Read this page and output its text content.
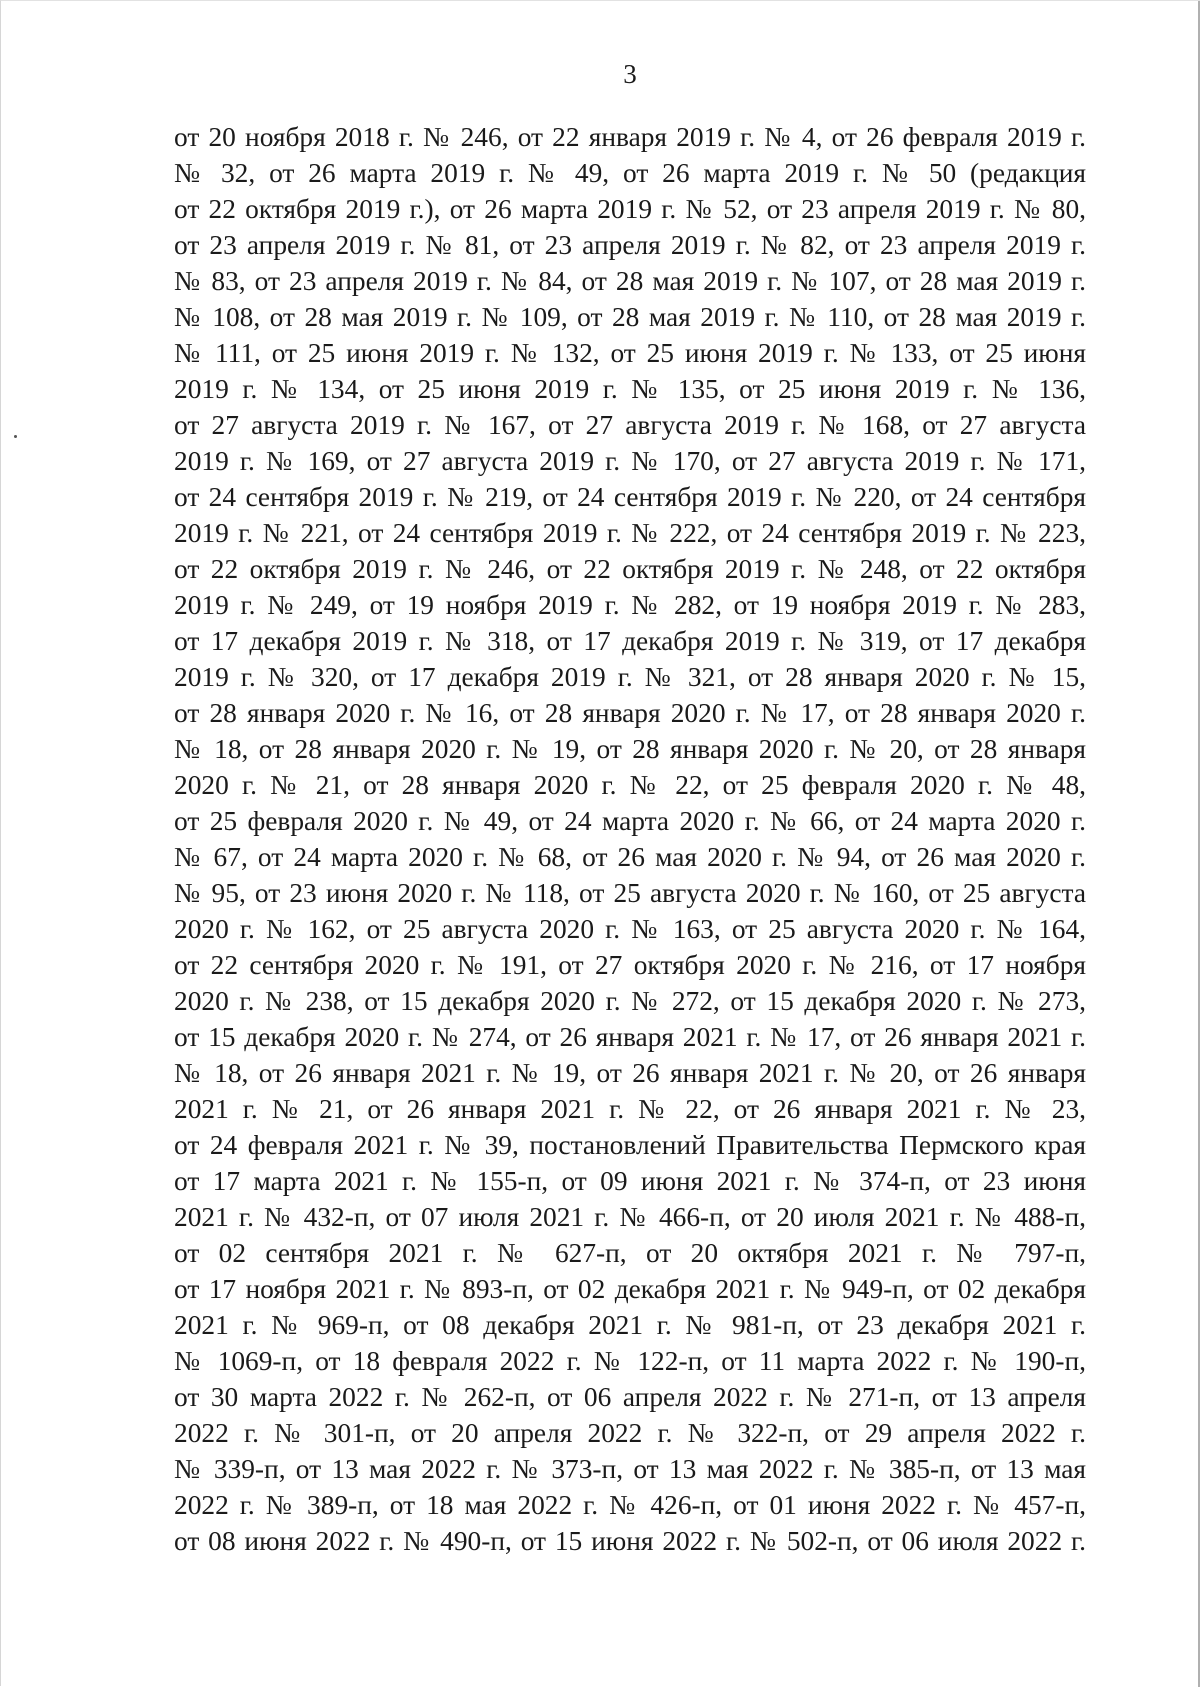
3
от 20 ноября 2018 г. № 246, от 22 января 2019 г. № 4, от 26 февраля 2019 г.
№ 32, от 26 марта 2019 г. № 49, от 26 марта 2019 г. № 50 (редакция
от 22 октября 2019 г.), от 26 марта 2019 г. № 52, от 23 апреля 2019 г. № 80,
от 23 апреля 2019 г. № 81, от 23 апреля 2019 г. № 82, от 23 апреля 2019 г.
№ 83, от 23 апреля 2019 г. № 84, от 28 мая 2019 г. № 107, от 28 мая 2019 г.
№ 108, от 28 мая 2019 г. № 109, от 28 мая 2019 г. № 110, от 28 мая 2019 г.
№ 111, от 25 июня 2019 г. № 132, от 25 июня 2019 г. № 133, от 25 июня
2019 г. № 134, от 25 июня 2019 г. № 135, от 25 июня 2019 г. № 136,
от 27 августа 2019 г. № 167, от 27 августа 2019 г. № 168, от 27 августа
2019 г. № 169, от 27 августа 2019 г. № 170, от 27 августа 2019 г. № 171,
от 24 сентября 2019 г. № 219, от 24 сентября 2019 г. № 220, от 24 сентября
2019 г. № 221, от 24 сентября 2019 г. № 222, от 24 сентября 2019 г. № 223,
от 22 октября 2019 г. № 246, от 22 октября 2019 г. № 248, от 22 октября
2019 г. № 249, от 19 ноября 2019 г. № 282, от 19 ноября 2019 г. № 283,
от 17 декабря 2019 г. № 318, от 17 декабря 2019 г. № 319, от 17 декабря
2019 г. № 320, от 17 декабря 2019 г. № 321, от 28 января 2020 г. № 15,
от 28 января 2020 г. № 16, от 28 января 2020 г. № 17, от 28 января 2020 г.
№ 18, от 28 января 2020 г. № 19, от 28 января 2020 г. № 20, от 28 января
2020 г. № 21, от 28 января 2020 г. № 22, от 25 февраля 2020 г. № 48,
от 25 февраля 2020 г. № 49, от 24 марта 2020 г. № 66, от 24 марта 2020 г.
№ 67, от 24 марта 2020 г. № 68, от 26 мая 2020 г. № 94, от 26 мая 2020 г.
№ 95, от 23 июня 2020 г. № 118, от 25 августа 2020 г. № 160, от 25 августа
2020 г. № 162, от 25 августа 2020 г. № 163, от 25 августа 2020 г. № 164,
от 22 сентября 2020 г. № 191, от 27 октября 2020 г. № 216, от 17 ноября
2020 г. № 238, от 15 декабря 2020 г. № 272, от 15 декабря 2020 г. № 273,
от 15 декабря 2020 г. № 274, от 26 января 2021 г. № 17, от 26 января 2021 г.
№ 18, от 26 января 2021 г. № 19, от 26 января 2021 г. № 20, от 26 января
2021 г. № 21, от 26 января 2021 г. № 22, от 26 января 2021 г. № 23,
от 24 февраля 2021 г. № 39, постановлений Правительства Пермского края
от 17 марта 2021 г. № 155-п, от 09 июня 2021 г. № 374-п, от 23 июня
2021 г. № 432-п, от 07 июля 2021 г. № 466-п, от 20 июля 2021 г. № 488-п,
от 02 сентября 2021 г. № 627-п, от 20 октября 2021 г. № 797-п,
от 17 ноября 2021 г. № 893-п, от 02 декабря 2021 г. № 949-п, от 02 декабря
2021 г. № 969-п, от 08 декабря 2021 г. № 981-п, от 23 декабря 2021 г.
№ 1069-п, от 18 февраля 2022 г. № 122-п, от 11 марта 2022 г. № 190-п,
от 30 марта 2022 г. № 262-п, от 06 апреля 2022 г. № 271-п, от 13 апреля
2022 г. № 301-п, от 20 апреля 2022 г. № 322-п, от 29 апреля 2022 г.
№ 339-п, от 13 мая 2022 г. № 373-п, от 13 мая 2022 г. № 385-п, от 13 мая
2022 г. № 389-п, от 18 мая 2022 г. № 426-п, от 01 июня 2022 г. № 457-п,
от 08 июня 2022 г. № 490-п, от 15 июня 2022 г. № 502-п, от 06 июля 2022 г.
